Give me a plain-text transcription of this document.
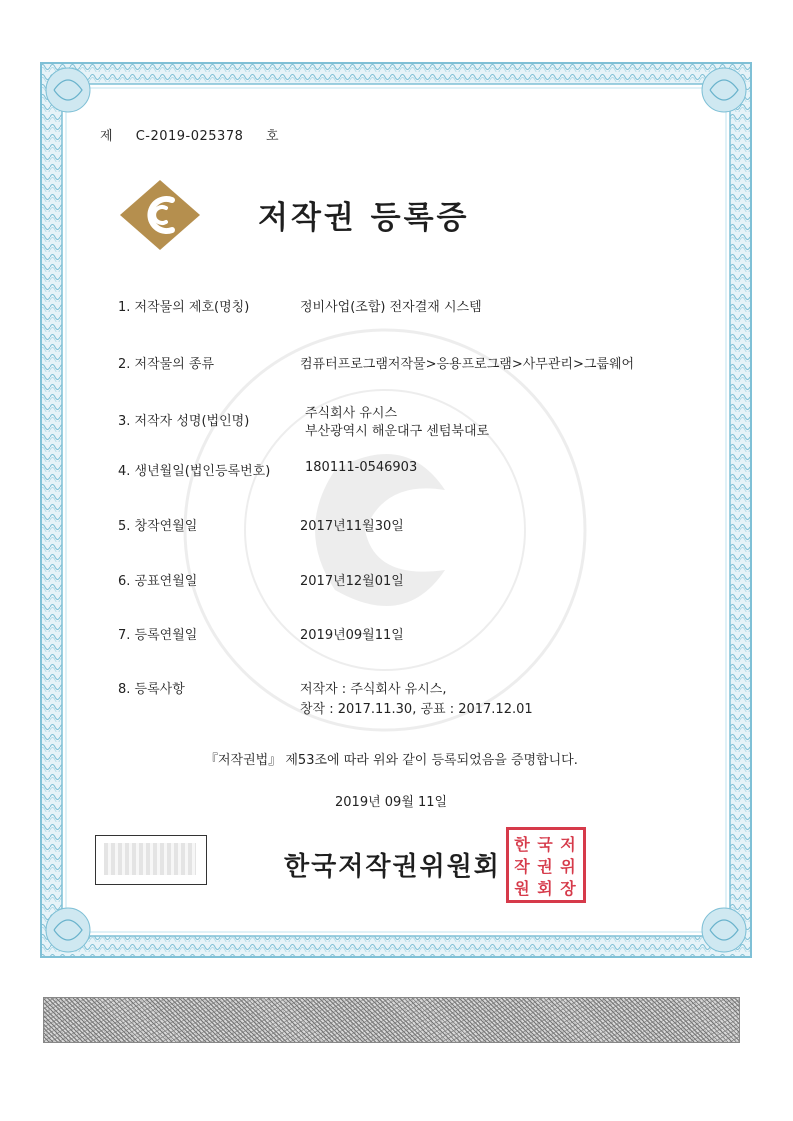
제 C-2019-025378 호
저작권 등록증
1. 저작물의 제호(명칭)	정비사업(조합) 전자결재 시스템
2. 저작물의 종류	컴퓨터프로그램저작물>응용프로그램>사무관리>그룹웨어
3. 저작자 성명(법인명)
주식회사 유시스
부산광역시 해운대구 센텀북대로
4. 생년월일(법인등록번호)	180111-0546903
5. 창작연월일	2017년11월30일
6. 공표연월일	2017년12월01일
7. 등록연월일	2019년09월11일
8. 등록사항	저작자 : 주식회사 유시스,
창작 : 2017.11.30, 공표 : 2017.12.01
『저작권법』 제53조에 따라 위와 같이 등록되었음을 증명합니다.
2019년 09월 11일
한국저작권위원회
한 국 저
작 권 위
원 회 장
